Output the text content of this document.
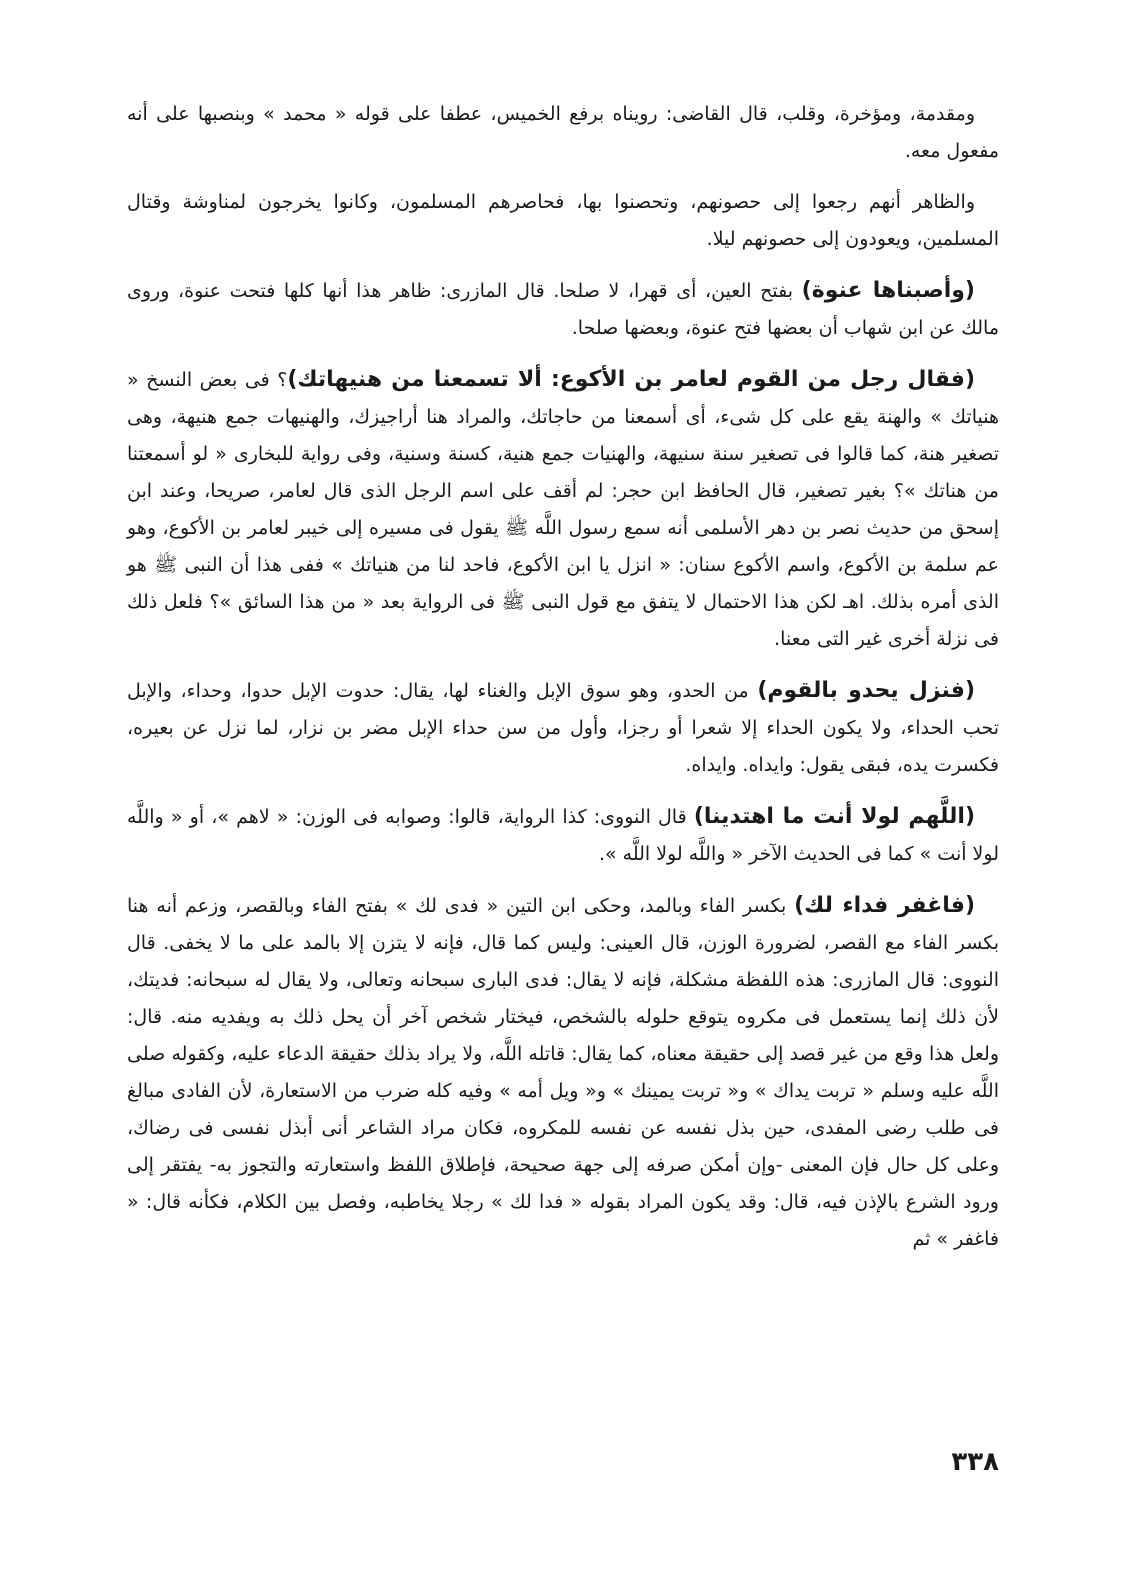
ومقدمة، ومؤخرة، وقلب، قال القاضى: رويناه برفع الخميس، عطفا على قوله « محمد » وبنصبها على أنه مفعول معه.

والظاهر أنهم رجعوا إلى حصونهم، وتحصنوا بها، فحاصرهم المسلمون، وكانوا يخرجون لمناوشة وقتال المسلمين، ويعودون إلى حصونهم ليلا.

(وأصبناها عنوة) بفتح العين، أى قهرا، لا صلحا. قال المازرى: ظاهر هذا أنها كلها فتحت عنوة، وروى مالك عن ابن شهاب أن بعضها فتح عنوة، وبعضها صلحا.

(فقال رجل من القوم لعامر بن الأكوع: ألا تسمعنا من هنيهاتك)؟ فى بعض النسخ « هنياتك » والهنة يقع على كل شىء، أى أسمعنا من حاجاتك، والمراد هنا أراجيزك، والهنيهات جمع هنيهة، وهى تصغير هنة، كما قالوا فى تصغير سنة سنيهة، والهنيات جمع هنية، كسنة وسنية، وفى رواية للبخارى « لو أسمعتنا من هناتك »؟ بغير تصغير، قال الحافظ ابن حجر: لم أقف على اسم الرجل الذى قال لعامر، صريحا، وعند ابن إسحق من حديث نصر بن دهر الأسلمى أنه سمع رسول اللَّه ﷺ يقول فى مسيره إلى خيبر لعامر بن الأكوع، وهو عم سلمة بن الأكوع، واسم الأكوع سنان: « انزل يا ابن الأكوع، فاحد لنا من هنياتك » ففى هذا أن النبى ﷺ هو الذى أمره بذلك. اهـ لكن هذا الاحتمال لا يتفق مع قول النبى ﷺ فى الرواية بعد « من هذا السائق »؟ فلعل ذلك فى نزلة أخرى غير التى معنا.

(فنزل يحدو بالقوم) من الحدو، وهو سوق الإبل والغناء لها، يقال: حدوت الإبل حدوا، وحداء، والإبل تحب الحداء، ولا يكون الحداء إلا شعرا أو رجزا، وأول من سن حداء الإبل مضر بن نزار، لما نزل عن بعيره، فكسرت يده، فبقى يقول: وايداه. وايداه.

(اللَّهم لولا أنت ما اهتدينا) قال النووى: كذا الرواية، قالوا: وصوابه فى الوزن: « لاهم »، أو « واللَّه لولا أنت » كما فى الحديث الآخر « واللَّه لولا اللَّه ».

(فاغفر فداء لك) بكسر الفاء وبالمد، وحكى ابن التين « فدى لك » بفتح الفاء وبالقصر، وزعم أنه هنا بكسر الفاء مع القصر، لضرورة الوزن، قال العينى: وليس كما قال، فإنه لا يتزن إلا بالمد على ما لا يخفى. قال النووى: قال المازرى: هذه اللفظة مشكلة، فإنه لا يقال: فدى البارى سبحانه وتعالى، ولا يقال له سبحانه: فديتك، لأن ذلك إنما يستعمل فى مكروه يتوقع حلوله بالشخص، فيختار شخص آخر أن يحل ذلك به ويفديه منه. قال: ولعل هذا وقع من غير قصد إلى حقيقة معناه، كما يقال: قاتله اللَّه، ولا يراد بذلك حقيقة الدعاء عليه، وكقوله صلى اللَّه عليه وسلم « تربت يداك » و« تربت يمينك » و« ويل أمه » وفيه كله ضرب من الاستعارة، لأن الفادى مبالغ فى طلب رضى المفدى، حين بذل نفسه عن نفسه للمكروه، فكان مراد الشاعر أنى أبذل نفسى فى رضاك، وعلى كل حال فإن المعنى -وإن أمكن صرفه إلى جهة صحيحة، فإطلاق اللفظ واستعارته والتجوز به- يفتقر إلى ورود الشرع بالإذن فيه، قال: وقد يكون المراد بقوله « فدا لك » رجلا يخاطبه، وفصل بين الكلام، فكأنه قال: « فاغفر » ثم

٣٣٨
